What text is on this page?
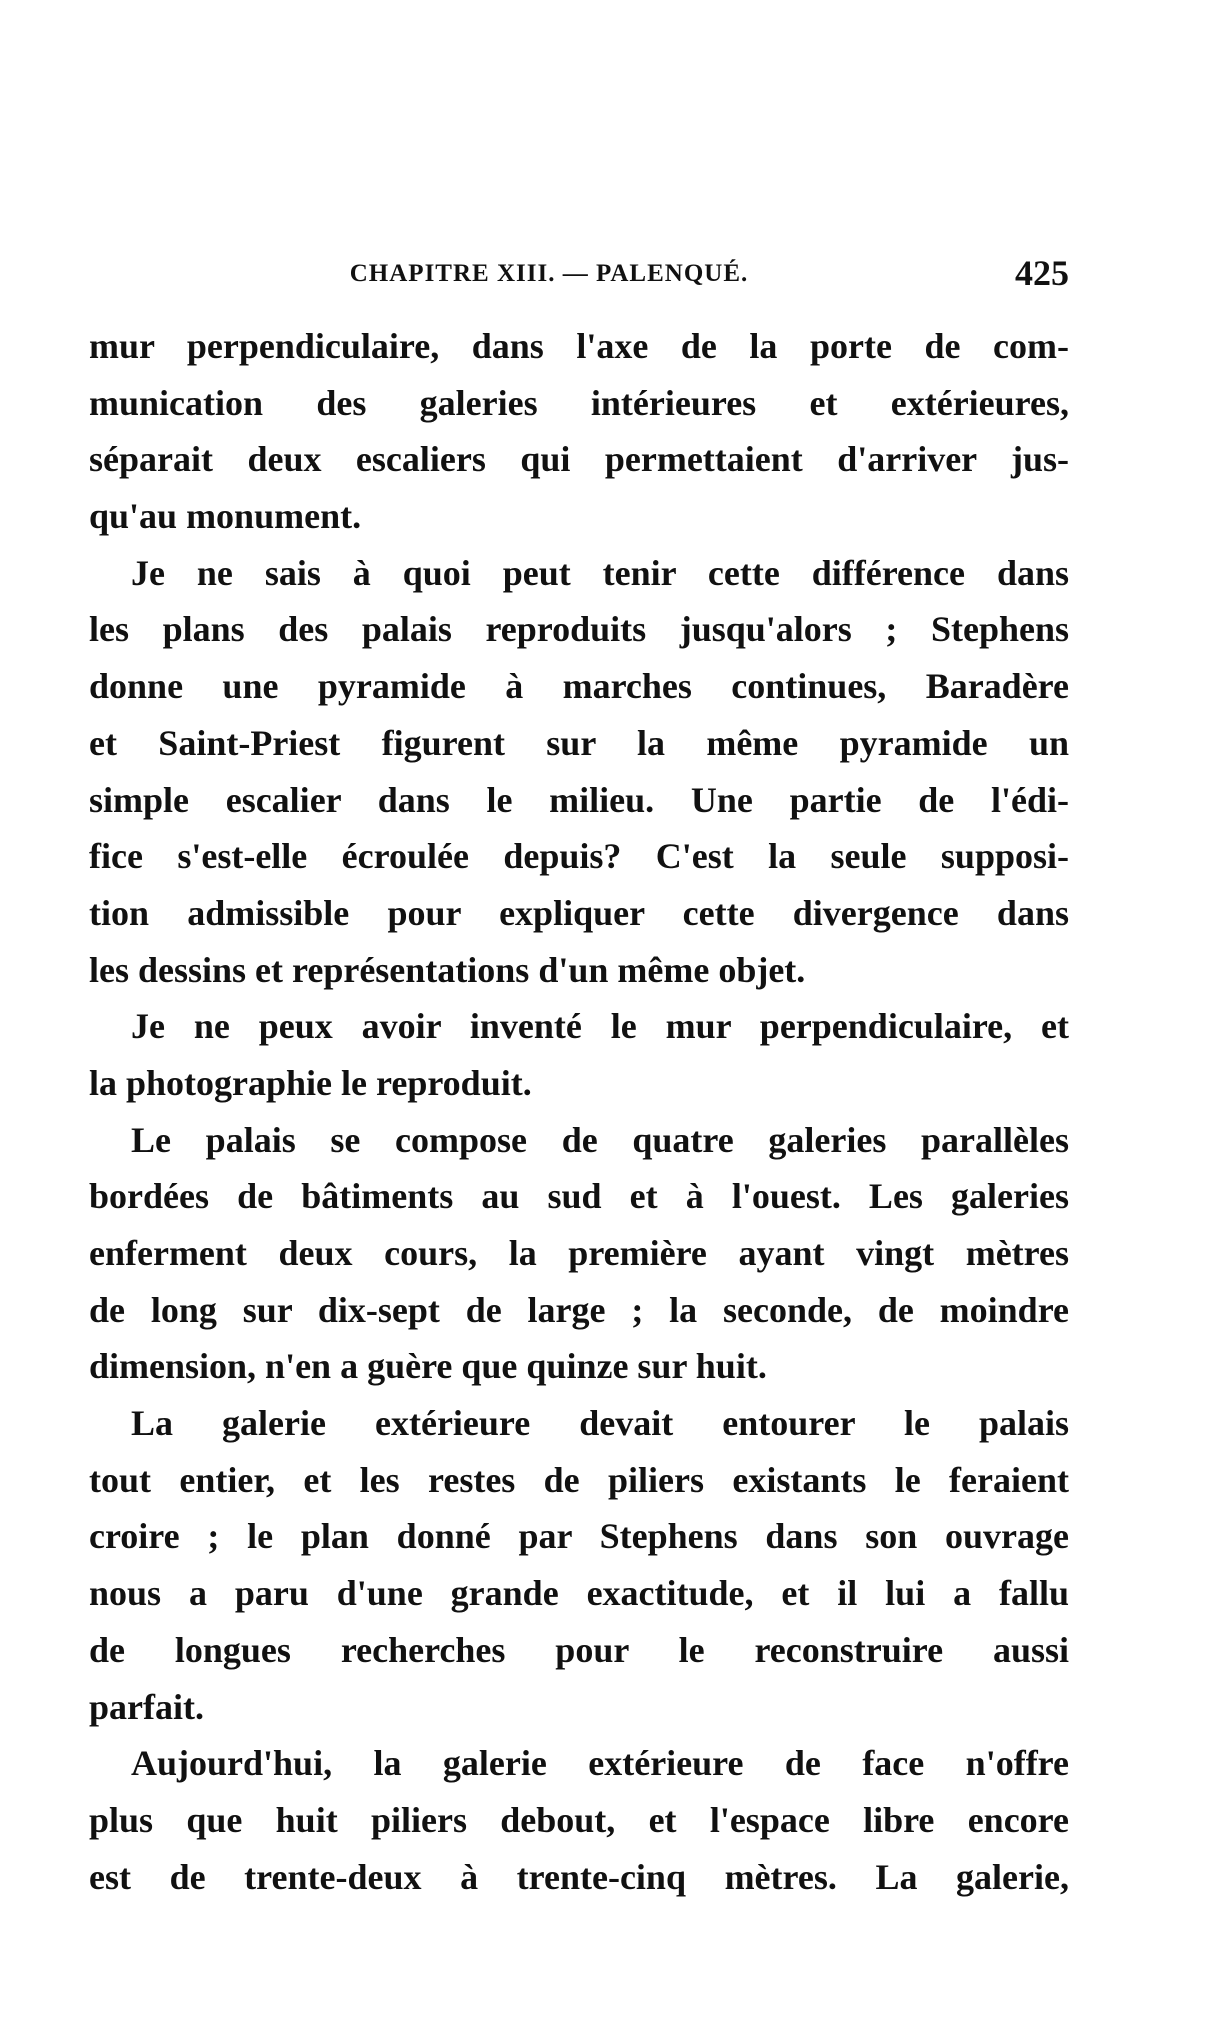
CHAPITRE XIII. — PALENQUÉ.	425
mur perpendiculaire, dans l'axe de la porte de com-
munication des galeries intérieures et extérieures,
séparait deux escaliers qui permettaient d'arriver jus-
qu'au monument.
Je ne sais à quoi peut tenir cette différence dans
les plans des palais reproduits jusqu'alors ; Stephens
donne une pyramide à marches continues, Baradère
et Saint-Priest figurent sur la même pyramide un
simple escalier dans le milieu. Une partie de l'édi-
fice s'est-elle écroulée depuis? C'est la seule supposi-
tion admissible pour expliquer cette divergence dans
les dessins et représentations d'un même objet.
Je ne peux avoir inventé le mur perpendiculaire, et
la photographie le reproduit.
Le palais se compose de quatre galeries parallèles
bordées de bâtiments au sud et à l'ouest. Les galeries
enferment deux cours, la première ayant vingt mètres
de long sur dix-sept de large ; la seconde, de moindre
dimension, n'en a guère que quinze sur huit.
La galerie extérieure devait entourer le palais
tout entier, et les restes de piliers existants le feraient
croire ; le plan donné par Stephens dans son ouvrage
nous a paru d'une grande exactitude, et il lui a fallu
de longues recherches pour le reconstruire aussi
parfait.
Aujourd'hui, la galerie extérieure de face n'offre
plus que huit piliers debout, et l'espace libre encore
est de trente-deux à trente-cinq mètres. La galerie,
